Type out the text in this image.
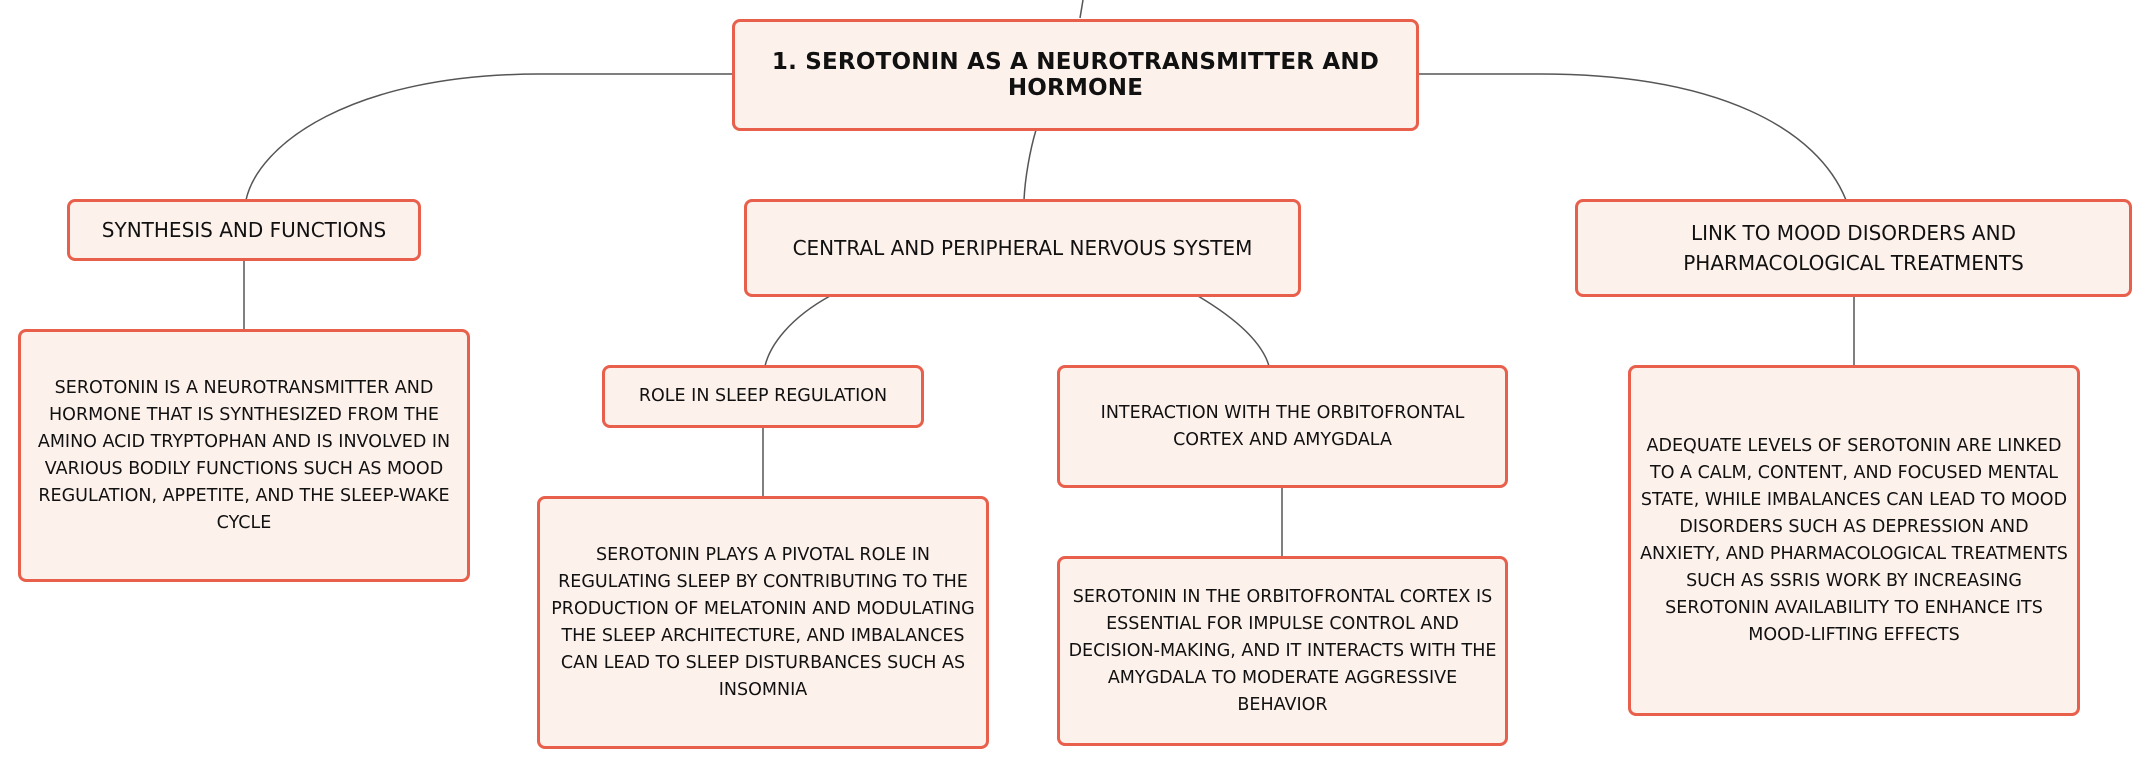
1. SEROTONIN AS A NEUROTRANSMITTER AND HORMONE
SYNTHESIS AND FUNCTIONS
CENTRAL AND PERIPHERAL NERVOUS SYSTEM
LINK TO MOOD DISORDERS AND PHARMACOLOGICAL TREATMENTS
SEROTONIN IS A NEUROTRANSMITTER AND HORMONE THAT IS SYNTHESIZED FROM THE AMINO ACID TRYPTOPHAN AND IS INVOLVED IN VARIOUS BODILY FUNCTIONS SUCH AS MOOD REGULATION, APPETITE, AND THE SLEEP-WAKE CYCLE
ROLE IN SLEEP REGULATION
INTERACTION WITH THE ORBITOFRONTAL CORTEX AND AMYGDALA
SEROTONIN PLAYS A PIVOTAL ROLE IN REGULATING SLEEP BY CONTRIBUTING TO THE PRODUCTION OF MELATONIN AND MODULATING THE SLEEP ARCHITECTURE, AND IMBALANCES CAN LEAD TO SLEEP DISTURBANCES SUCH AS INSOMNIA
SEROTONIN IN THE ORBITOFRONTAL CORTEX IS ESSENTIAL FOR IMPULSE CONTROL AND DECISION-MAKING, AND IT INTERACTS WITH THE AMYGDALA TO MODERATE AGGRESSIVE BEHAVIOR
ADEQUATE LEVELS OF SEROTONIN ARE LINKED TO A CALM, CONTENT, AND FOCUSED MENTAL STATE, WHILE IMBALANCES CAN LEAD TO MOOD DISORDERS SUCH AS DEPRESSION AND ANXIETY, AND PHARMACOLOGICAL TREATMENTS SUCH AS SSRIS WORK BY INCREASING SEROTONIN AVAILABILITY TO ENHANCE ITS MOOD-LIFTING EFFECTS
